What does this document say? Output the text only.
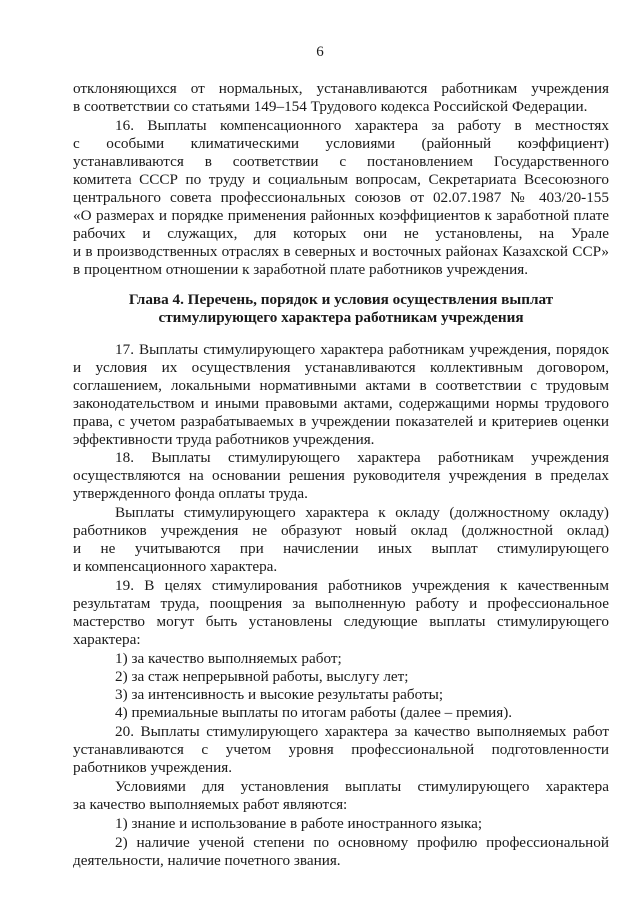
6
отклоняющихся от нормальных, устанавливаются работникам учреждения
в соответствии со статьями 149–154 Трудового кодекса Российской Федерации.
16. Выплаты компенсационного характера за работу в местностях
с особыми климатическими условиями (районный коэффициент)
устанавливаются в соответствии с постановлением Государственного
комитета СССР по труду и социальным вопросам, Секретариата Всесоюзного
центрального совета профессиональных союзов от 02.07.1987 № 403/20-155
«О размерах и порядке применения районных коэффициентов к заработной плате
рабочих и служащих, для которых они не установлены, на Урале
и в производственных отраслях в северных и восточных районах Казахской ССР»
в процентном отношении к заработной плате работников учреждения.
Глава 4. Перечень, порядок и условия осуществления выплат
стимулирующего характера работникам учреждения
17. Выплаты стимулирующего характера работникам учреждения, порядок
и условия их осуществления устанавливаются коллективным договором,
соглашением, локальными нормативными актами в соответствии с трудовым
законодательством и иными правовыми актами, содержащими нормы трудового
права, с учетом разрабатываемых в учреждении показателей и критериев оценки
эффективности труда работников учреждения.
18. Выплаты стимулирующего характера работникам учреждения
осуществляются на основании решения руководителя учреждения в пределах
утвержденного фонда оплаты труда.
Выплаты стимулирующего характера к окладу (должностному окладу)
работников учреждения не образуют новый оклад (должностной оклад)
и не учитываются при начислении иных выплат стимулирующего
и компенсационного характера.
19. В целях стимулирования работников учреждения к качественным
результатам труда, поощрения за выполненную работу и профессиональное
мастерство могут быть установлены следующие выплаты стимулирующего
характера:
1) за качество выполняемых работ;
2) за стаж непрерывной работы, выслугу лет;
3) за интенсивность и высокие результаты работы;
4) премиальные выплаты по итогам работы (далее – премия).
20. Выплаты стимулирующего характера за качество выполняемых работ
устанавливаются с учетом уровня профессиональной подготовленности
работников учреждения.
Условиями для установления выплаты стимулирующего характера
за качество выполняемых работ являются:
1) знание и использование в работе иностранного языка;
2) наличие ученой степени по основному профилю профессиональной
деятельности, наличие почетного звания.
